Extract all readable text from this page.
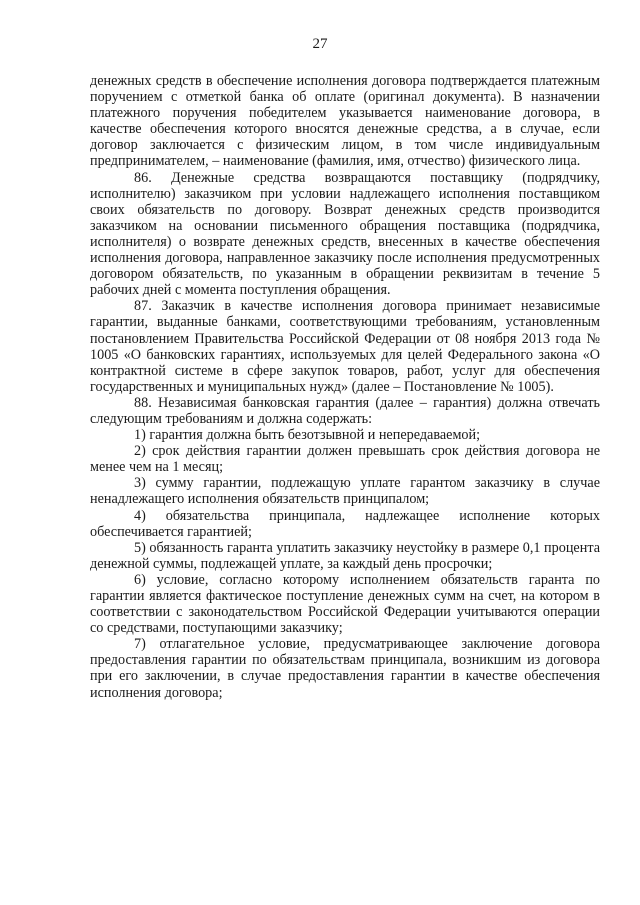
27

денежных средств в обеспечение исполнения договора подтверждается платежным поручением с отметкой банка об оплате (оригинал документа). В назначении платежного поручения победителем указывается наименование договора, в качестве обеспечения которого вносятся денежные средства, а в случае, если договор заключается с физическим лицом, в том числе индивидуальным предпринимателем, – наименование (фамилия, имя, отчество) физического лица.

86. Денежные средства возвращаются поставщику (подрядчику, исполнителю) заказчиком при условии надлежащего исполнения поставщиком своих обязательств по договору. Возврат денежных средств производится заказчиком на основании письменного обращения поставщика (подрядчика, исполнителя) о возврате денежных средств, внесенных в качестве обеспечения исполнения договора, направленное заказчику после исполнения предусмотренных договором обязательств, по указанным в обращении реквизитам в течение 5 рабочих дней с момента поступления обращения.

87. Заказчик в качестве исполнения договора принимает независимые гарантии, выданные банками, соответствующими требованиям, установленным постановлением Правительства Российской Федерации от 08 ноября 2013 года № 1005 «О банковских гарантиях, используемых для целей Федерального закона «О контрактной системе в сфере закупок товаров, работ, услуг для обеспечения государственных и муниципальных нужд» (далее – Постановление № 1005).

88. Независимая банковская гарантия (далее – гарантия) должна отвечать следующим требованиям и должна содержать:

1) гарантия должна быть безотзывной и непередаваемой;

2) срок действия гарантии должен превышать срок действия договора не менее чем на 1 месяц;

3) сумму гарантии, подлежащую уплате гарантом заказчику в случае ненадлежащего исполнения обязательств принципалом;

4) обязательства принципала, надлежащее исполнение которых обеспечивается гарантией;

5) обязанность гаранта уплатить заказчику неустойку в размере 0,1 процента денежной суммы, подлежащей уплате, за каждый день просрочки;

6) условие, согласно которому исполнением обязательств гаранта по гарантии является фактическое поступление денежных сумм на счет, на котором в соответствии с законодательством Российской Федерации учитываются операции со средствами, поступающими заказчику;

7) отлагательное условие, предусматривающее заключение договора предоставления гарантии по обязательствам принципала, возникшим из договора при его заключении, в случае предоставления гарантии в качестве обеспечения исполнения договора;
